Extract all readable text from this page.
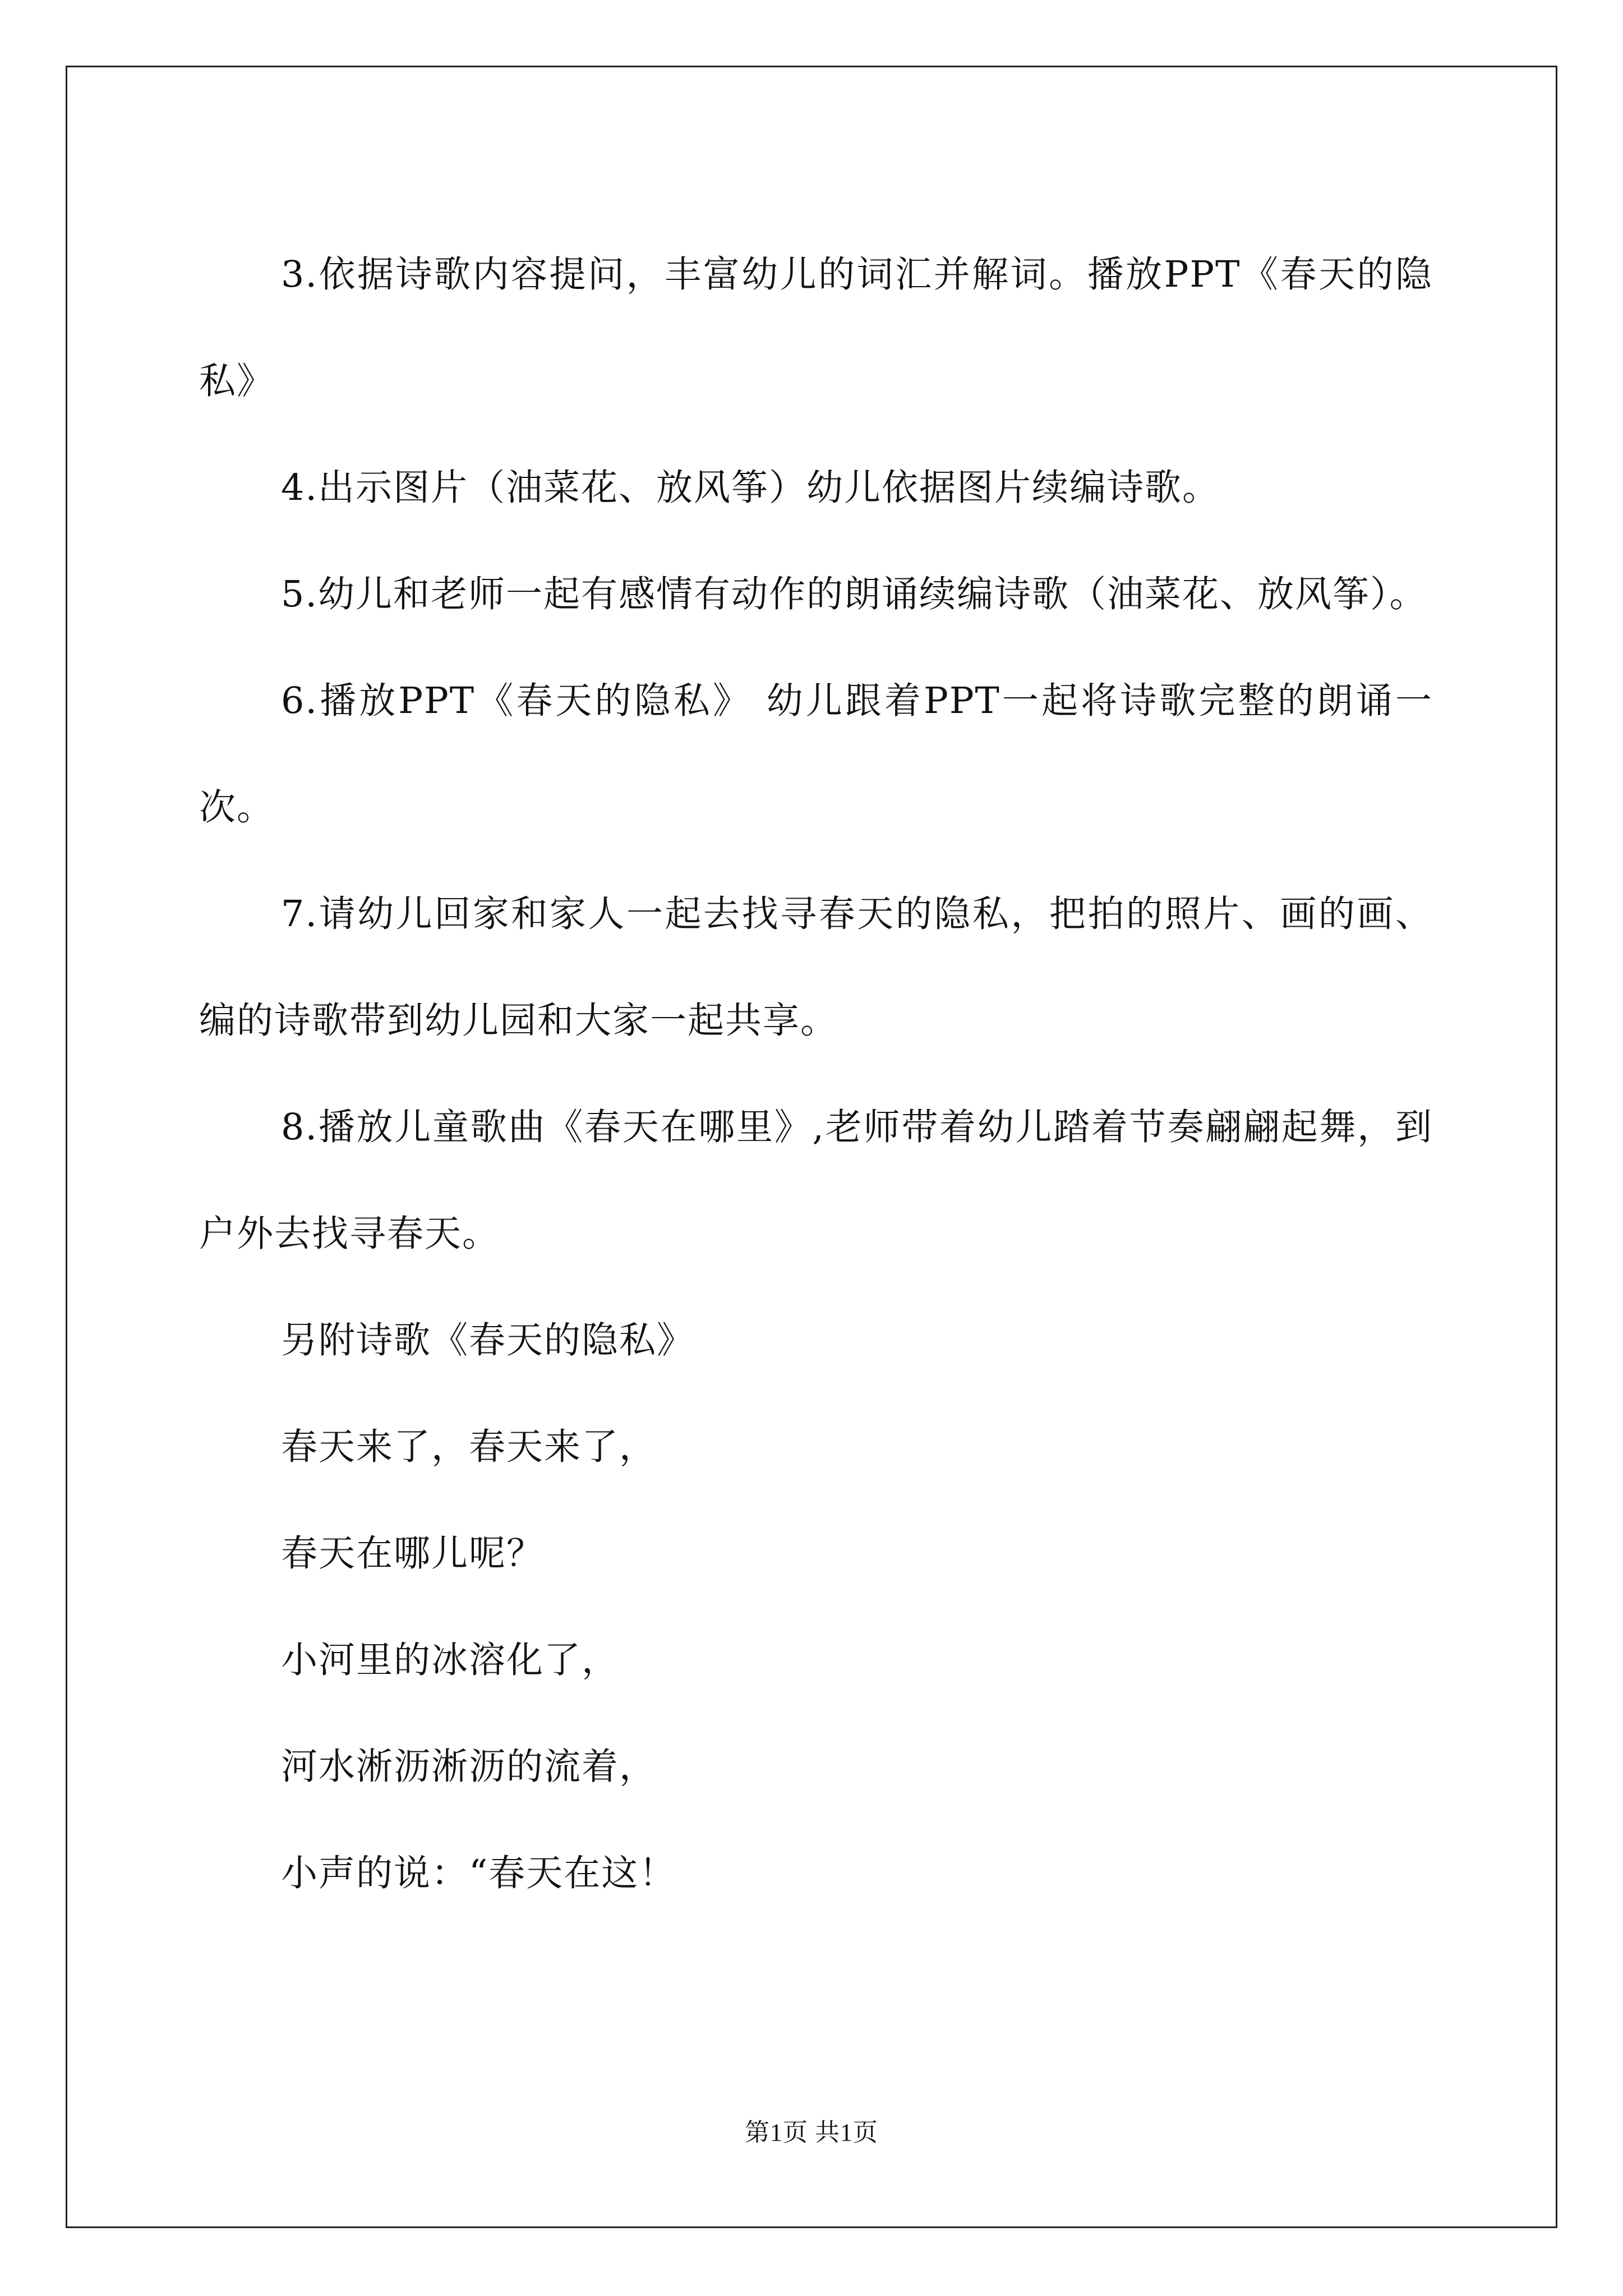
3.依据诗歌内容提问，丰富幼儿的词汇并解词。播放PPT《春天的隐私》

4.出示图片（油菜花、放风筝）幼儿依据图片续编诗歌。

5.幼儿和老师一起有感情有动作的朗诵续编诗歌（油菜花、放风筝）。

6.播放PPT《春天的隐私》 幼儿跟着PPT一起将诗歌完整的朗诵一次。

7.请幼儿回家和家人一起去找寻春天的隐私，把拍的照片、画的画、编的诗歌带到幼儿园和大家一起共享。

8.播放儿童歌曲《春天在哪里》,老师带着幼儿踏着节奏翩翩起舞，到户外去找寻春天。

另附诗歌《春天的隐私》

春天来了，春天来了，

春天在哪儿呢？

小河里的冰溶化了，

河水淅沥淅沥的流着，

小声的说：“春天在这！

第1页 共1页
